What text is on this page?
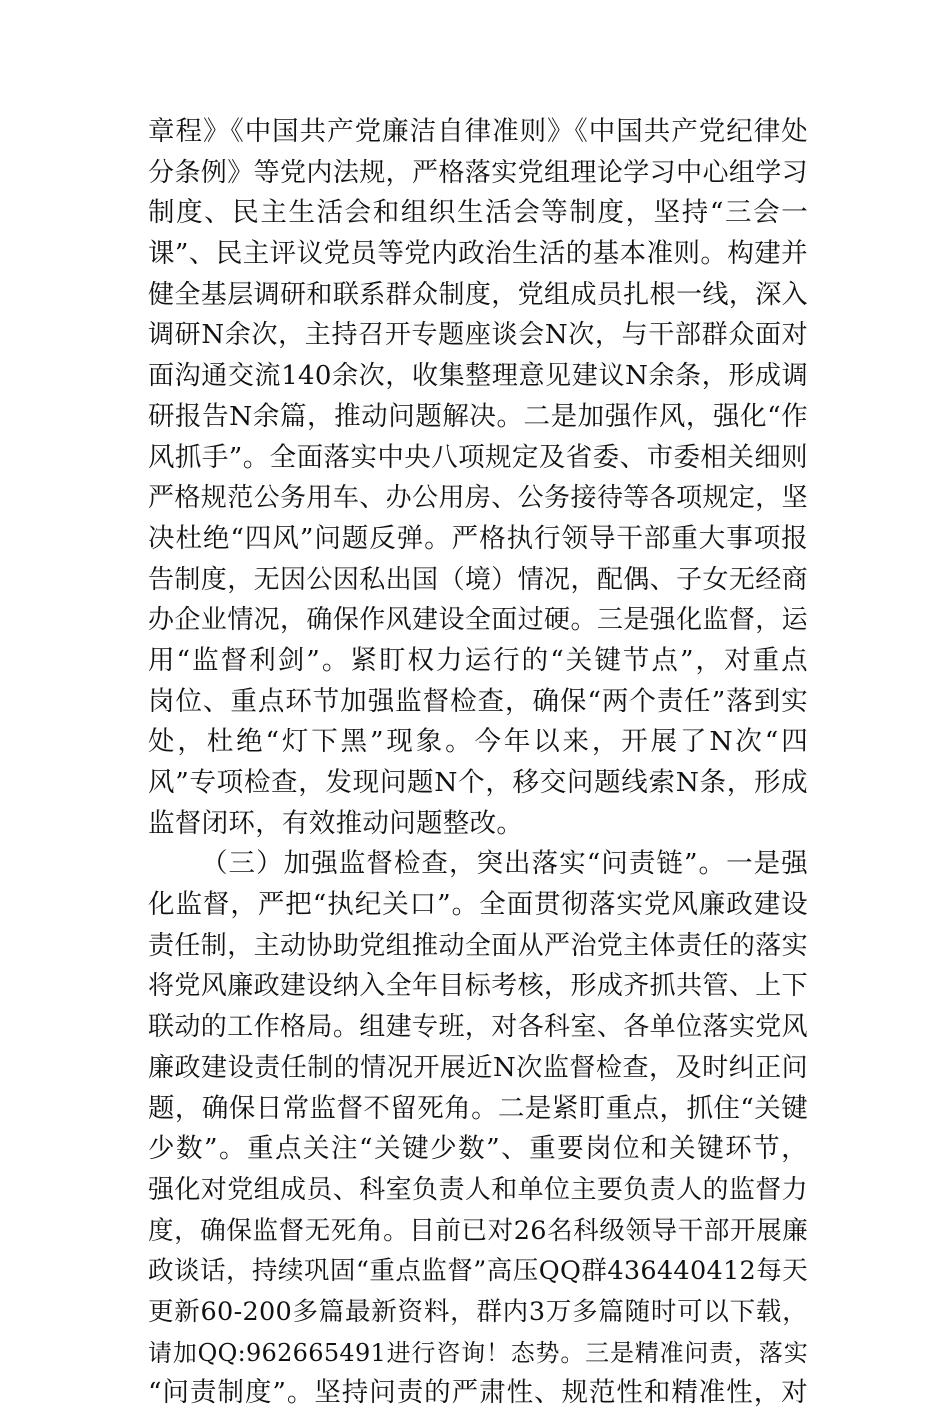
章程》《中国共产党廉洁自律准则》《中国共产党纪律处
分条例》等党内法规，严格落实党组理论学习中心组学习
制度、民主生活会和组织生活会等制度，坚持“三会一
课”、民主评议党员等党内政治生活的基本准则。构建并
健全基层调研和联系群众制度，党组成员扎根一线，深入
调研N余次，主持召开专题座谈会N次，与干部群众面对
面沟通交流140余次，收集整理意见建议N余条，形成调
研报告N余篇，推动问题解决。二是加强作风，强化“作
风抓手”。全面落实中央八项规定及省委、市委相关细则
严格规范公务用车、办公用房、公务接待等各项规定，坚
决杜绝“四风”问题反弹。严格执行领导干部重大事项报
告制度，无因公因私出国（境）情况，配偶、子女无经商
办企业情况，确保作风建设全面过硬。三是强化监督，运
用“监督利剑”。紧盯权力运行的“关键节点”，对重点
岗位、重点环节加强监督检查，确保“两个责任”落到实
处，杜绝“灯下黑”现象。今年以来，开展了N次“四
风”专项检查，发现问题N个，移交问题线索N条，形成
监督闭环，有效推动问题整改。
（三）加强监督检查，突出落实“问责链”。一是强
化监督，严把“执纪关口”。全面贯彻落实党风廉政建设
责任制，主动协助党组推动全面从严治党主体责任的落实
将党风廉政建设纳入全年目标考核，形成齐抓共管、上下
联动的工作格局。组建专班，对各科室、各单位落实党风
廉政建设责任制的情况开展近N次监督检查，及时纠正问
题，确保日常监督不留死角。二是紧盯重点，抓住“关键
少数”。重点关注“关键少数”、重要岗位和关键环节，
强化对党组成员、科室负责人和单位主要负责人的监督力
度，确保监督无死角。目前已对26名科级领导干部开展廉
政谈话，持续巩固“重点监督”高压QQ群436440412每天
更新60-200多篇最新资料，群内3万多篇随时可以下载，
请加QQ:962665491进行咨询！态势。三是精准问责，落实
“问责制度”。坚持问责的严肃性、规范性和精准性，对
